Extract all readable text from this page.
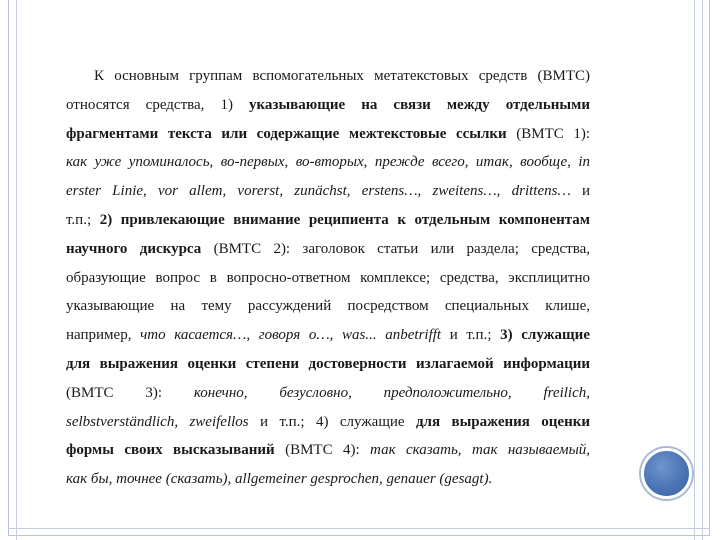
К основным группам вспомогательных метатекстовых средств (ВМТС)
относятся средства, 1) указывающие на связи между отдельными
фрагментами текста или содержащие межтекстовые ссылки (ВМТС 1):
как уже упоминалось, во-первых, во-вторых, прежде всего, итак, вообще, in
erster Linie, vor allem, vorerst, zunächst, erstens…, zweitens…, drittens… и
т.п.; 2) привлекающие внимание реципиента к отдельным компонентам
научного дискурса (ВМТС 2): заголовок статьи или раздела; средства,
образующие вопрос в вопросно-ответном комплексе; средства, эксплицитно
указывающие на тему рассуждений посредством специальных клише,
например, что касается…, говоря о…, was... anbetrifft и т.п.; 3) служащие
для выражения оценки степени достоверности излагаемой информации
(ВМТС 3): конечно, безусловно, предположительно, freilich,
selbstverständlich, zweifellos и т.п.; 4) служащие для выражения оценки
формы своих высказываний (ВМТС 4): так сказать, так называемый,
как бы, точнее (сказать), allgemeiner gesprochen, genauer (gesagt).
